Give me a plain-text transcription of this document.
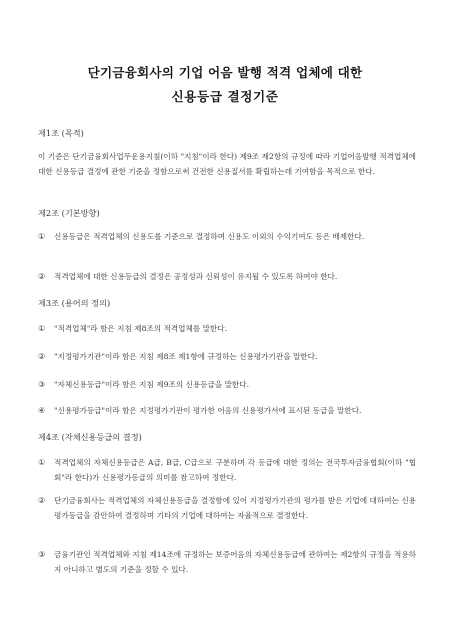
단기금융회사의 기업 어음 발행 적격 업체에 대한
신용등급 결정기준
제1조 (목적)
이 기준은 단기금융회사업무운용지침(이하 "지침"이라 한다) 제9조 제2항의 규정에 따라 기업어음발행 적격업체에 대한 신용등급 결정에 관한 기준을 정함으로써 건전한 신용질서를 확립하는데 기여함을 목적으로 한다.
제2조 (기본방향)
①	신용등급은 적격업체의 신용도를 기준으로 결정하며 신용도 이외의 수익기여도 등은 배제한다.
②	적격업체에 대한 신용등급의 결정은 공정성과 신뢰성이 유지될 수 있도록 하여야 한다.
제3조 (용어의 정의)
①	"적격업체"라 함은 지침 제8조의 적격업체를 말한다.
②	"지정평가기관"이라 함은 지침 제8조 제1항에 규정하는 신용평가기관을 말한다.
③	"자체신용등급"이라 함은 지침 제9조의 신용등급을 말한다.
④	"신용평가등급"이라 함은 지정평가기관이 평가한 어음의 신용평가서에 표시된 등급을 말한다.
제4조 (자체신용등급의 결정)
①	적격업체의 자체신용등급은 A급, B급, C급으로 구분하며 각 등급에 대한 정의는 전국투자금융협회(이하 "협회"라 한다)가 신용평가등급의 의미를 참고하여 정한다.
②	단기금융회사는 적격업체의 자체신용등급을 결정함에 있어 지정평가기관의 평가를 받은 기업에 대하여는 신용평가등급을 감안하여 결정하며 기타의 기업에 대하여는 자율적으로 결정한다.
③	금융기관인 적격업체와 지침 제14조에 규정하는 보증어음의 자체신용등급에 관하여는 제2항의 규정을 적용하지 아니하고 별도의 기준을 정할 수 있다.
